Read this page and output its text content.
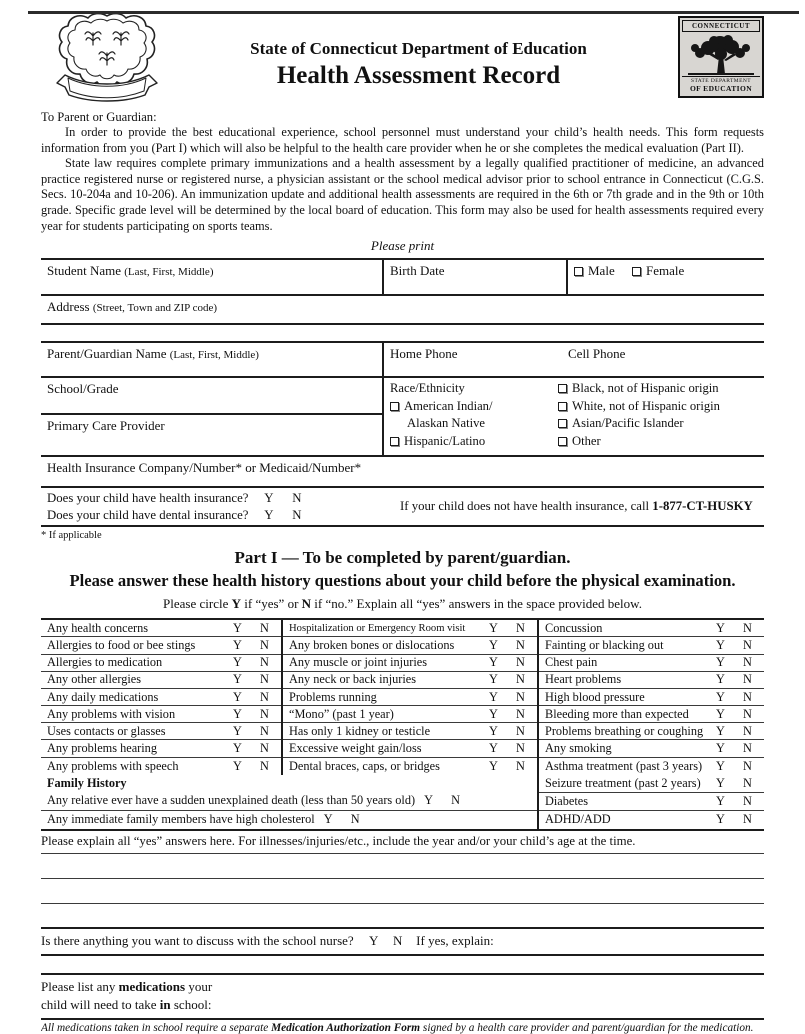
State of Connecticut Department of Education
Health Assessment Record
CONNECTICUT
STATE DEPARTMENT
OF EDUCATION
To Parent or Guardian:

In order to provide the best educational experience, school personnel must understand your child’s health needs. This form requests information from you (Part I) which will also be helpful to the health care provider when he or she completes the medical evaluation (Part II).

State law requires complete primary immunizations and a health assessment by a legally qualified practitioner of medicine, an advanced practice registered nurse or registered nurse, a physician assistant or the school medical advisor prior to school entrance in Connecticut (C.G.S. Secs. 10-204a and 10-206). An immunization update and additional health assessments are required in the 6th or 7th grade and in the 9th or 10th grade. Specific grade level will be determined by the local board of education. This form may also be used for health assessments required every year for students participating on sports teams.

Please print
Student Name (Last, First, Middle)	Birth Date	Male Female
Address (Street, Town and ZIP code)
Parent/Guardian Name (Last, First, Middle)	Home Phone	Cell Phone
School/Grade
Primary Care Provider
Race/Ethnicity
American Indian/
Alaskan Native
Hispanic/Latino
Black, not of Hispanic origin
White, not of Hispanic origin
Asian/Pacific Islander
Other
Health Insurance Company/Number* or Medicaid/Number*
Does your child have health insurance? Y N
Does your child have dental insurance? Y N
If your child does not have health insurance, call 1-877-CT-HUSKY
* If applicable
Part I — To be completed by parent/guardian.
Please answer these health history questions about your child before the physical examination.
Please circle Y if “yes” or N if “no.” Explain all “yes” answers in the space provided below.
Any health concerns	Y	N
Allergies to food or bee stings	Y	N
Allergies to medication	Y	N
Any other allergies	Y	N
Any daily medications	Y	N
Any problems with vision	Y	N
Uses contacts or glasses	Y	N
Any problems hearing	Y	N
Any problems with speech	Y	N
Hospitalization or Emergency Room visit	Y	N
Any broken bones or dislocations	Y	N
Any muscle or joint injuries	Y	N
Any neck or back injuries	Y	N
Problems running	Y	N
“Mono” (past 1 year)	Y	N
Has only 1 kidney or testicle	Y	N
Excessive weight gain/loss	Y	N
Dental braces, caps, or bridges	Y	N
Concussion	Y	N
Fainting or blacking out	Y	N
Chest pain	Y	N
Heart problems	Y	N
High blood pressure	Y	N
Bleeding more than expected	Y	N
Problems breathing or coughing	Y	N
Any smoking	Y	N
Asthma treatment (past 3 years)	Y	N
Family History
Any relative ever have a sudden unexplained death (less than 50 years old) Y	N
Any immediate family members have high cholesterol Y	N
Seizure treatment (past 2 years)	Y	N
Diabetes	Y	N
ADHD/ADD	Y	N
Please explain all “yes” answers here. For illnesses/injuries/etc., include the year and/or your child’s age at the time.
Is there anything you want to discuss with the school nurse? Y N If yes, explain:
Please list any medications your
child will need to take in school:
All medications taken in school require a separate Medication Authorization Form signed by a health care provider and parent/guardian for the medication.
